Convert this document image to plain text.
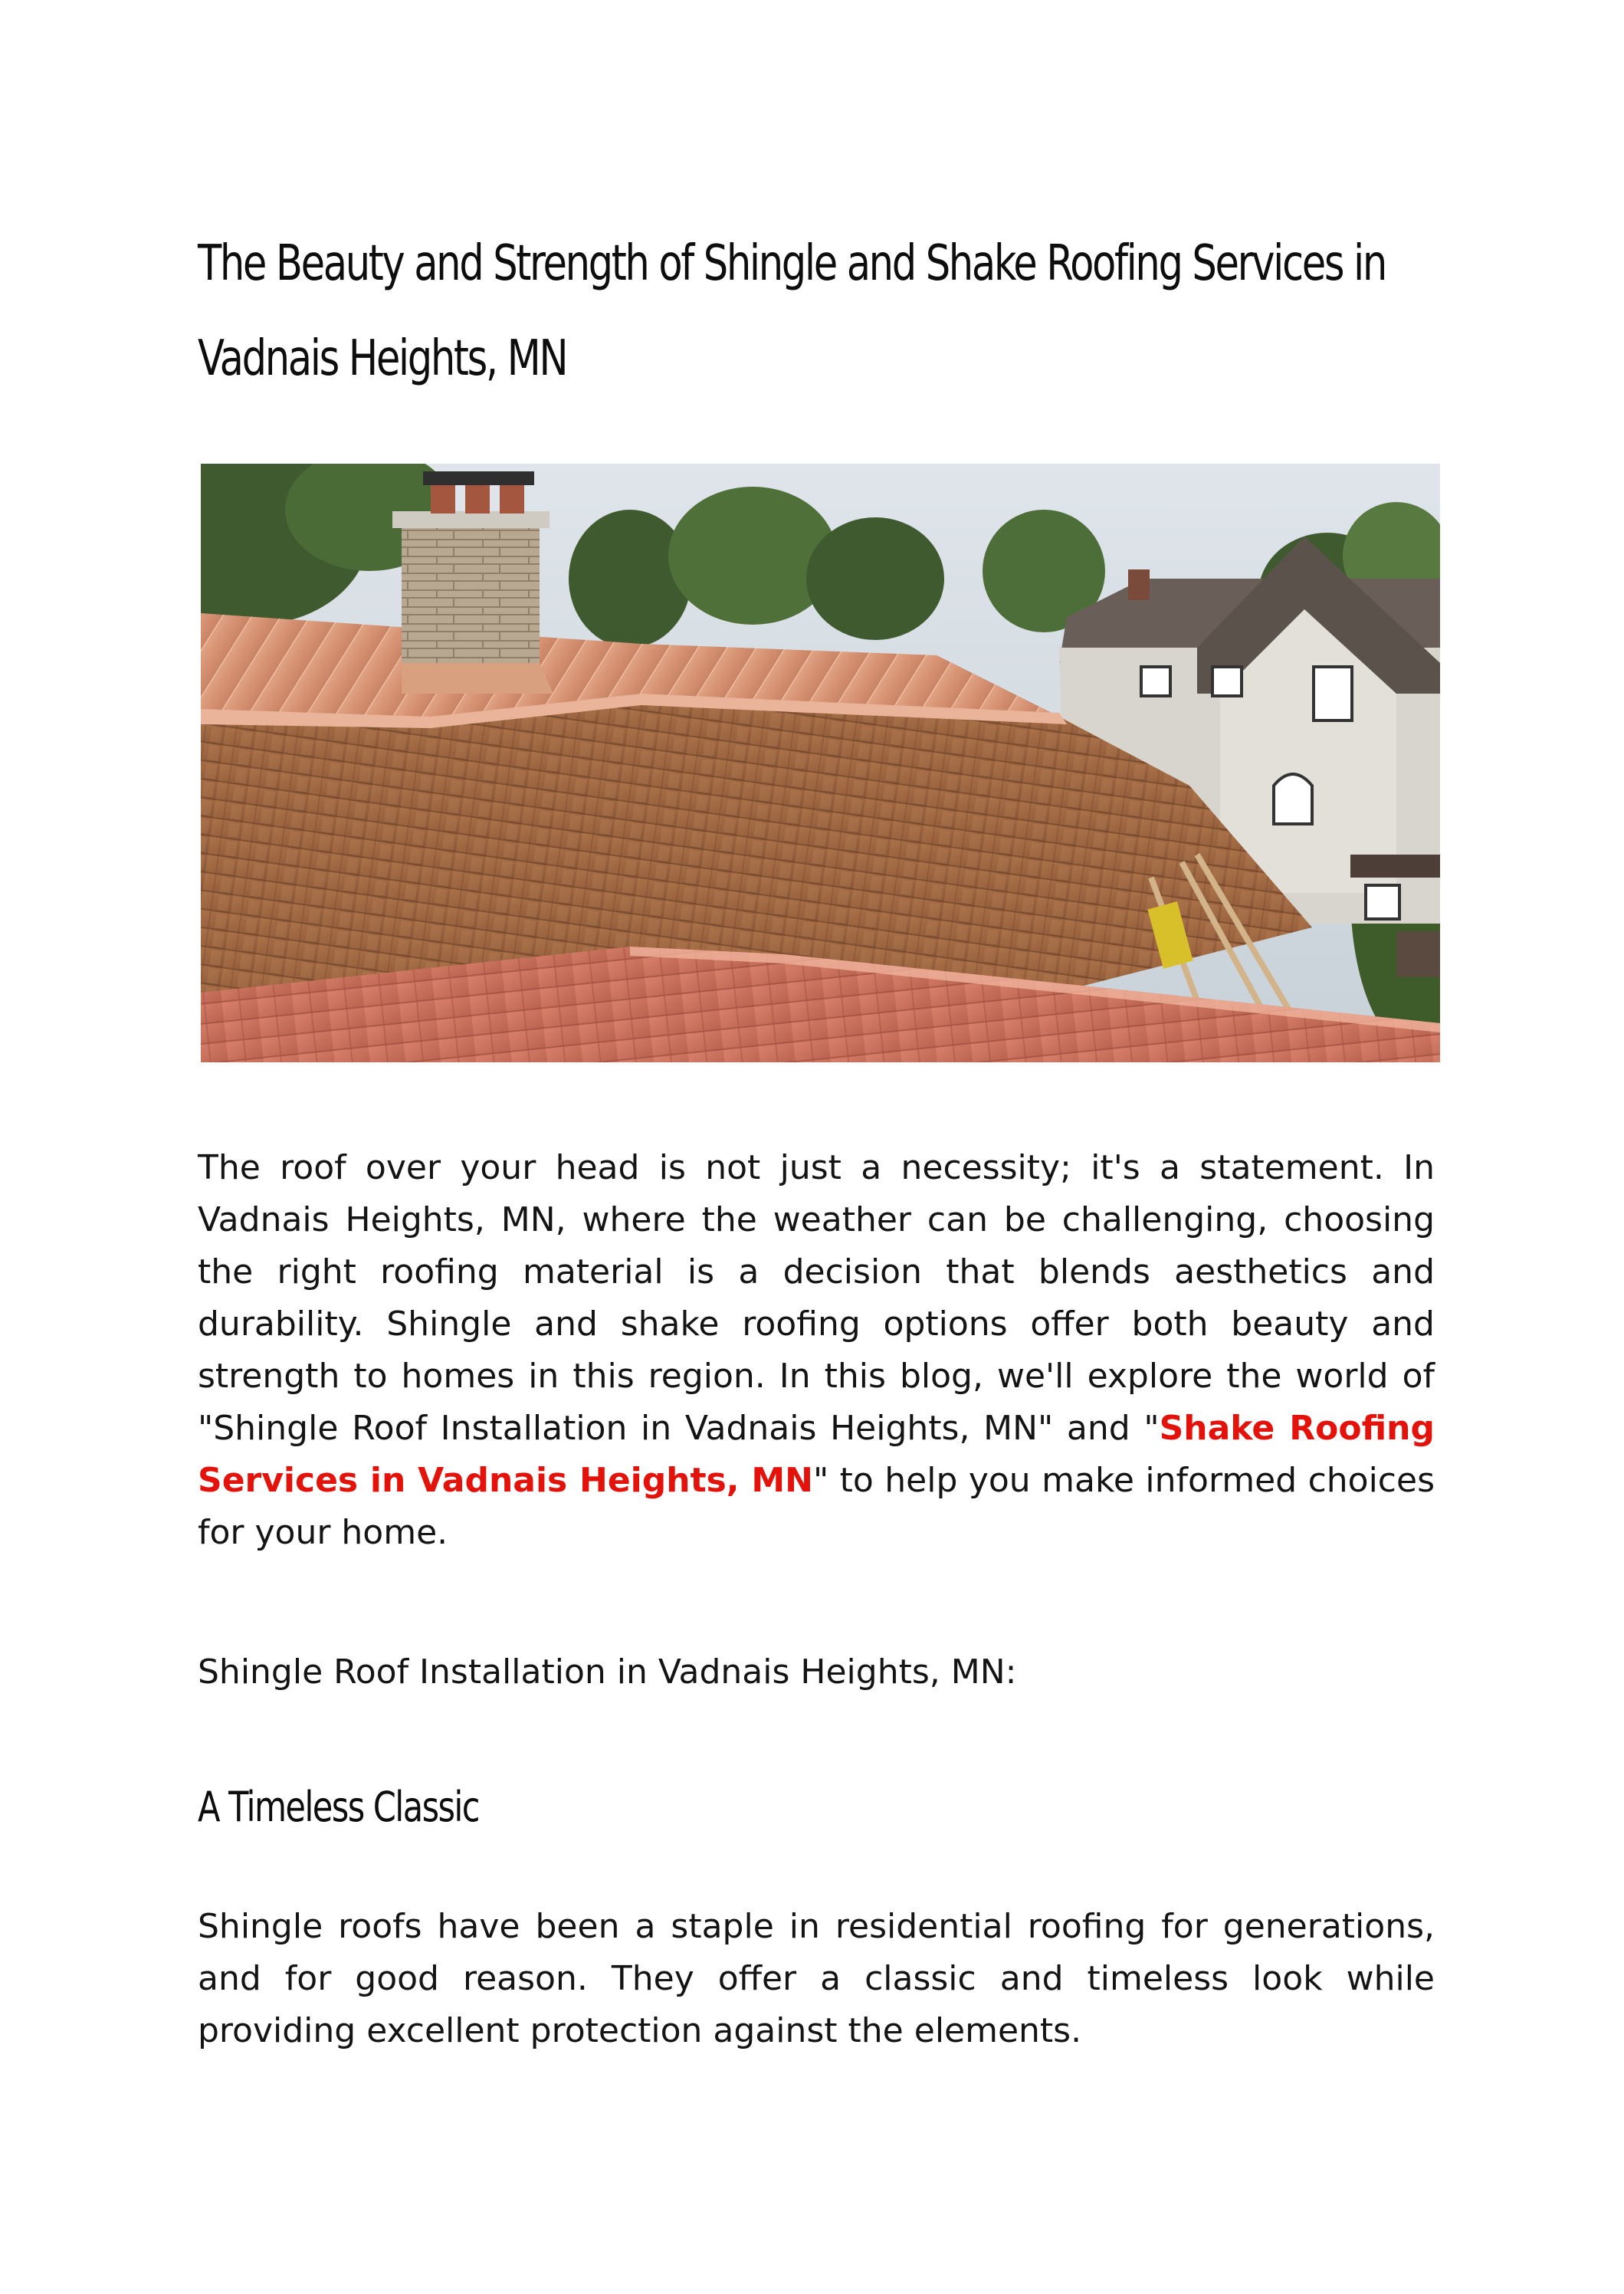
The Beauty and Strength of Shingle and Shake Roofing Services in Vadnais Heights, MN

The roof over your head is not just a necessity; it's a statement. In Vadnais Heights, MN, where the weather can be challenging, choosing the right roofing material is a decision that blends aesthetics and durability. Shingle and shake roofing options offer both beauty and strength to homes in this region. In this blog, we'll explore the world of "Shingle Roof Installation in Vadnais Heights, MN" and "Shake Roofing Services in Vadnais Heights, MN" to help you make informed choices for your home.

Shingle Roof Installation in Vadnais Heights, MN:

A Timeless Classic

Shingle roofs have been a staple in residential roofing for generations, and for good reason. They offer a classic and timeless look while providing excellent protection against the elements.
